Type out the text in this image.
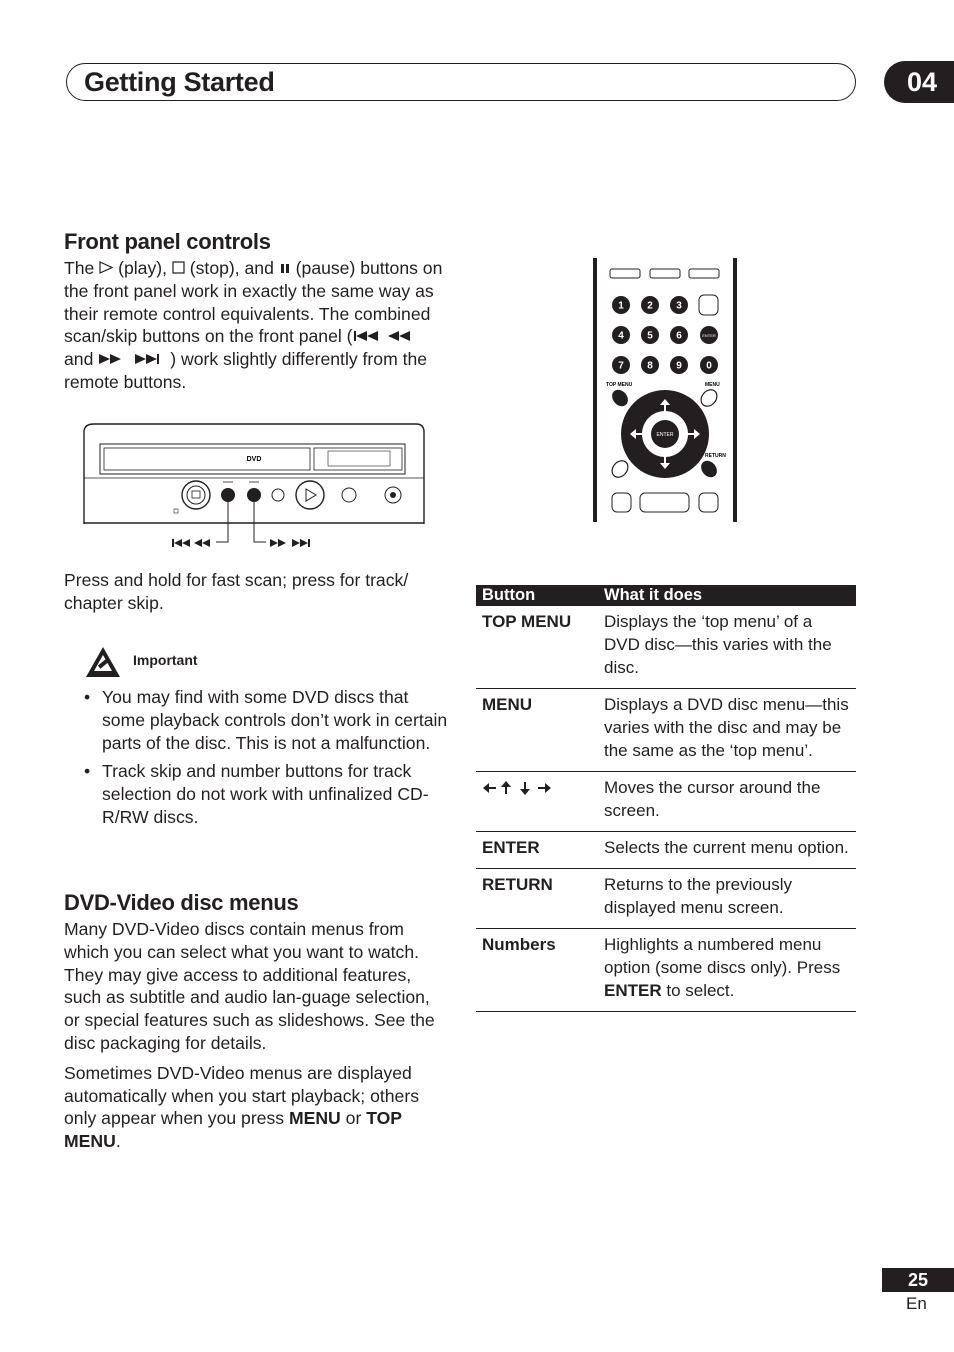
Getting Started	04
Front panel controls
The  (play),  (stop), and  (pause) buttons on the front panel work in exactly the same way as their remote control equivalents. The combined scan/skip buttons on the front panel ( and	) work slightly differently from the remote buttons.
DVD
Press and hold for fast scan; press for track/ chapter skip.
Important
• You may find with some DVD discs that some playback controls don’t work in certain parts of the disc. This is not a malfunction.
• Track skip and number buttons for track selection do not work with unfinalized CD-R/RW discs.
DVD-Video disc menus

Many DVD-Video discs contain menus from which you can select what you want to watch. They may give access to additional features, such as subtitle and audio lan-guage selection, or special features such as slideshows. See the disc packaging for details.

Sometimes DVD-Video menus are displayed automatically when you start playback; others only appear when you press MENU or TOP MENU.

1 2 3
4 5 6
7 8 9 0
ENTER
TOP MENU	MENU
ENTER
RETURN
Button	What it does
TOP MENU	Displays the ‘top menu’ of a DVD disc—this varies with the disc.
MENU	Displays a DVD disc menu—this varies with the disc and may be the same as the ‘top menu’.
	Moves the cursor around the screen.
ENTER	Selects the current menu option.
RETURN	Returns to the previously displayed menu screen.
Numbers	Highlights a numbered menu option (some discs only). Press ENTER to select.
25
En
